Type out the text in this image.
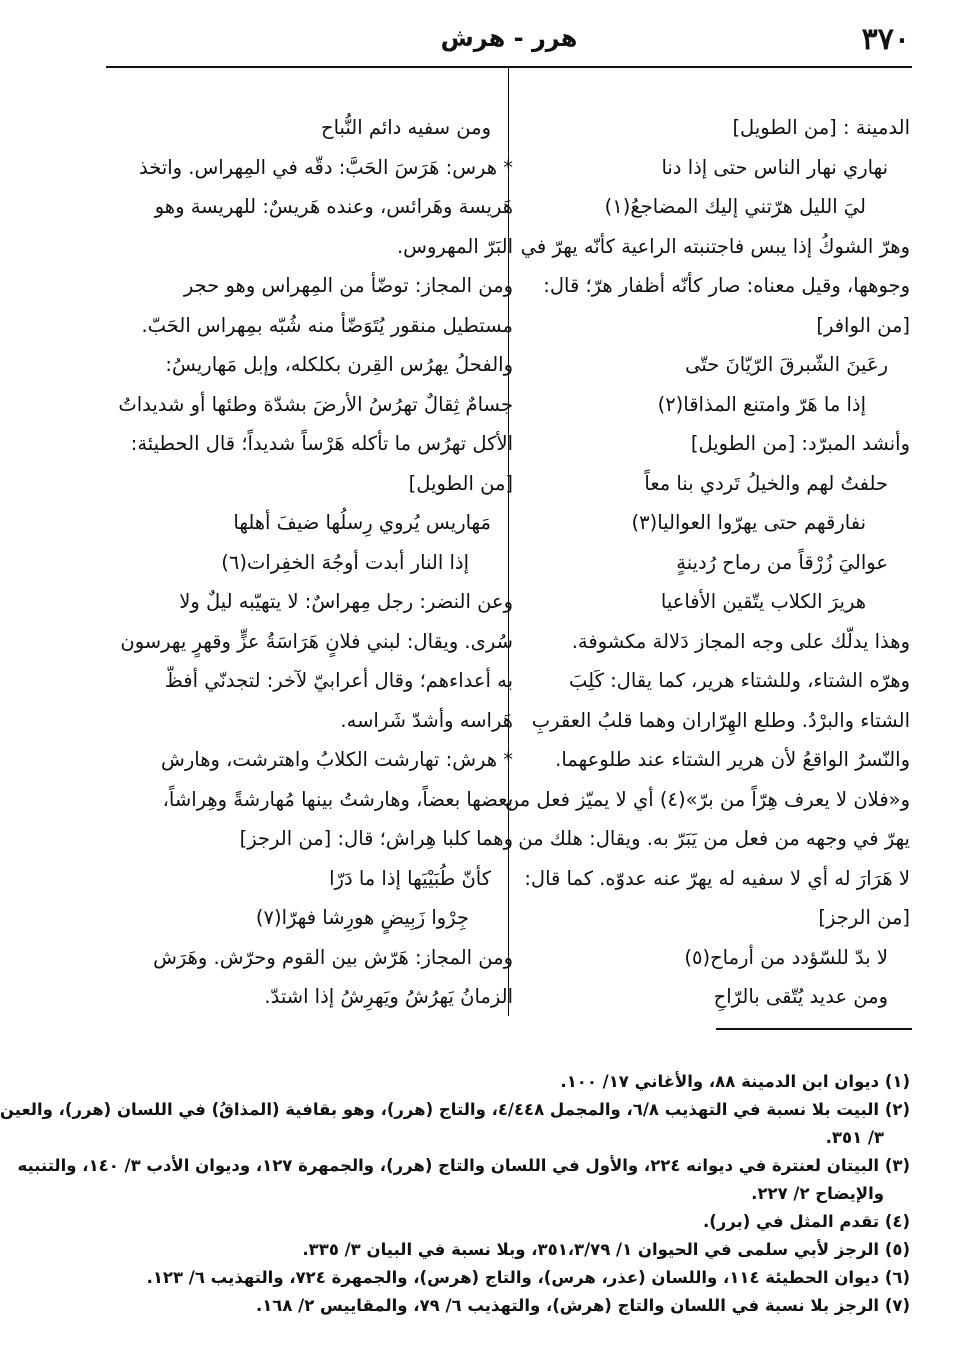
٣٧٠
هرر - هرش
الدمينة : [من الطويل]
نهاري نهار الناس حتى إذا دنا
ليَ الليل هرّتني إليك المضاجعُ(١)
وهرّ الشوكُ إذا يبس فاجتنبته الراعية كأنّه يهرّ في
وجوهها، وقيل معناه: صار كأنّه أظفار هرّ؛ قال:
[من الوافر]
رعَينَ الشّبرقَ الرّيّانَ حتّى
إذا ما هَرّ وامتنع المذاقا(٢)
وأنشد المبرّد: [من الطويل]
حلفتُ لهم والخيلُ تَردي بنا معاً
نفارقهم حتى يهرّوا العواليا(٣)
عواليَ زُرْقاً من رماح رُدينةٍ
هريرَ الكلاب يتّقين الأفاعيا
وهذا يدلّك على وجه المجاز دَلالة مكشوفة.
وهرّه الشتاء، وللشتاء هرير، كما يقال: كَلِبَ
الشتاء والبرْدُ. وطلع الهِرّاران وهما قلبُ العقربِ
والنّسرُ الواقعُ لأن هرير الشتاء عند طلوعهما.
و«فلان لا يعرف هِرّاً من برّ»(٤) أي لا يميّز فعل من
يهرّ في وجهه من فعل من يَبَرّ به. ويقال: هلك من
لا هَرَارَ له أي لا سفيه له يهرّ عنه عدوّه. كما قال:
[من الرجز]
لا بدّ للسّؤدد من أرماح(٥)
ومن عديد يُتّقى بالرّاحِ
ومن سفيه دائم النُّباح
* هرس: هَرَسَ الحَبَّ: دقّه في المِهراس. واتخذ
هَريسة وهَرائس، وعنده هَريسٌ: للهريسة وهو
البَرّ المهروس.
ومن المجاز: توضّأ من المِهراس وهو حجر
مستطيل منقور يُتَوَضّأ منه شُبّه بمِهراس الحَبّ.
والفحلُ يهرُس القِرن بكلكله، وإبل مَهاريسُ:
جسامٌ ثِقالٌ تهرُسُ الأرضَ بشدّة وطئها أو شديداتُ
الأكل تهرُس ما تأكله هَرْساً شديداً؛ قال الحطيئة:
[من الطويل]
مَهاريس يُروي رِسلُها ضيفَ أهلها
إذا النار أبدت أوجُهَ الخفِرات(٦)
وعن النضر: رجل مِهراسٌ: لا يتهيّبه ليلٌ ولا
سُرى. ويقال: لبني فلانٍ هَرَاسَةُ عزٍّ وقهرٍ يهرسون
به أعداءهم؛ وقال أعرابيّ لآخر: لتجدنّي أفظّ
هَراسه وأشدّ شَراسه.
* هرش: تهارشت الكلابُ واهترشت، وهارش
بعضها بعضاً، وهارشتُ بينها مُهارشةً وهِراشاً،
وهما كلبا هِراش؛ قال: [من الرجز]
كأنّ طُبَيْيَها إذا ما دَرّا
جِرْوا زَبِيضٍ هورِشا فهرّا(٧)
ومن المجاز: هَرّش بين القوم وحرّش. وهَرَش
الزمانُ يَهرُشُ ويَهرِشُ إذا اشتدّ.
(١) ديوان ابن الدمينة ٨٨، والأغاني ١٧/ ١٠٠.
(٢) البيت بلا نسبة في التهذيب ٦/٨، والمجمل ٤/٤٤٨، والتاج (هرر)، وهو بقافية (المذاقُ) في اللسان (هرر)، والعين
٣/ ٣٥١.
(٣) البيتان لعنترة في ديوانه ٢٢٤، والأول في اللسان والتاج (هرر)، والجمهرة ١٢٧، وديوان الأدب ٣/ ١٤٠، والتنبيه
والإيضاح ٢/ ٢٢٧.
(٤) تقدم المثل في (برر).
(٥) الرجز لأبي سلمى في الحيوان ١/ ٣٥١،٣/٧٩، وبلا نسبة في البيان ٣/ ٣٣٥.
(٦) ديوان الحطيئة ١١٤، واللسان (عذر، هرس)، والتاج (هرس)، والجمهرة ٧٢٤، والتهذيب ٦/ ١٢٣.
(٧) الرجز بلا نسبة في اللسان والتاج (هرش)، والتهذيب ٦/ ٧٩، والمقاييس ٢/ ١٦٨.
